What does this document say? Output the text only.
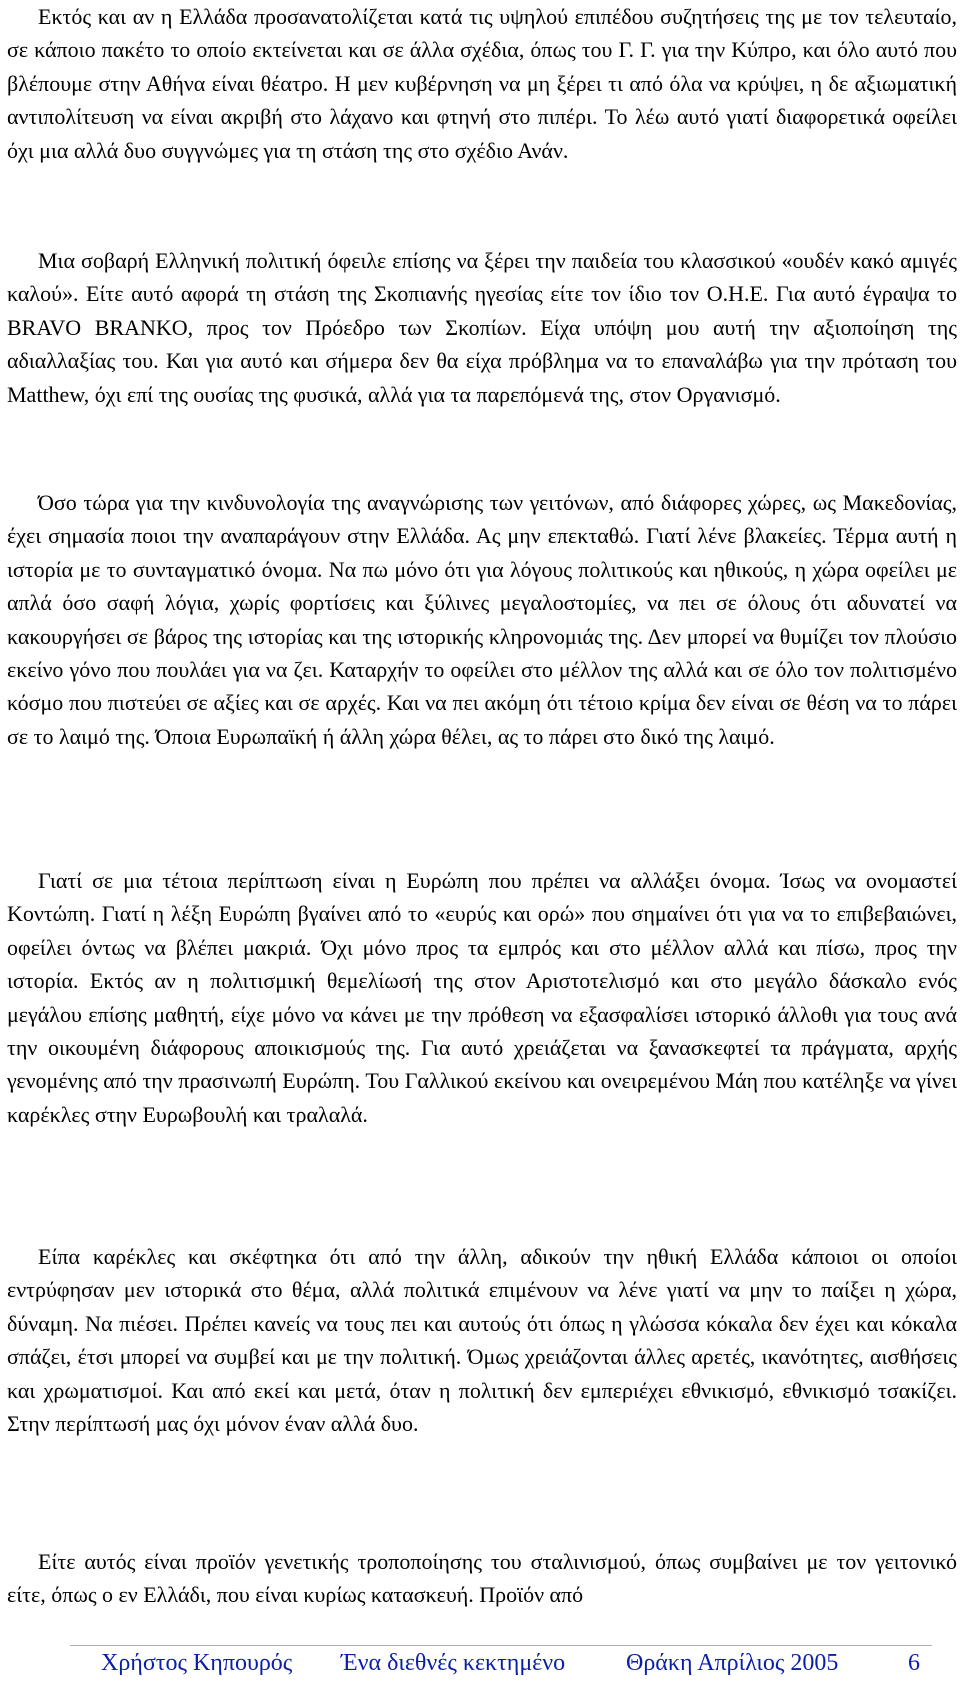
Εκτός και αν η Ελλάδα προσανατολίζεται κατά τις υψηλού επιπέδου συζητήσεις της με τον τελευταίο, σε κάποιο πακέτο το οποίο εκτείνεται και σε άλλα σχέδια, όπως του Γ. Γ. για την Κύπρο, και όλο αυτό που βλέπουμε στην Αθήνα είναι θέατρο. Η μεν κυβέρνηση να μη ξέρει τι από όλα να κρύψει, η δε αξιωματική αντιπολίτευση να είναι ακριβή στο λάχανο και φτηνή στο πιπέρι. Το λέω αυτό γιατί διαφορετικά οφείλει όχι μια αλλά δυο συγγνώμες για τη στάση της στο σχέδιο Ανάν.

Μια σοβαρή Ελληνική πολιτική όφειλε επίσης να ξέρει την παιδεία του κλασσικού «ουδέν κακό αμιγές καλού». Είτε αυτό αφορά τη στάση της Σκοπιανής ηγεσίας είτε τον ίδιο τον Ο.Η.Ε. Για αυτό έγραψα το BRAVO BRANKO, προς τον Πρόεδρο των Σκοπίων. Είχα υπόψη μου αυτή την αξιοποίηση της αδιαλλαξίας του. Και για αυτό και σήμερα δεν θα είχα πρόβλημα να το επαναλάβω για την πρόταση του Matthew, όχι επί της ουσίας της φυσικά, αλλά για τα παρεπόμενά της, στον Οργανισμό.

Όσο τώρα για την κινδυνολογία της αναγνώρισης των γειτόνων, από διάφορες χώρες, ως Μακεδονίας, έχει σημασία ποιοι την αναπαράγουν στην Ελλάδα. Ας μην επεκταθώ. Γιατί λένε βλακείες. Τέρμα αυτή η ιστορία με το συνταγματικό όνομα. Να πω μόνο ότι για λόγους πολιτικούς και ηθικούς, η χώρα οφείλει με απλά όσο σαφή λόγια, χωρίς φορτίσεις και ξύλινες μεγαλοστομίες, να πει σε όλους ότι αδυνατεί να κακουργήσει σε βάρος της ιστορίας και της ιστορικής κληρονομιάς της. Δεν μπορεί να θυμίζει τον πλούσιο εκείνο γόνο που πουλάει για να ζει. Καταρχήν το οφείλει στο μέλλον της αλλά και σε όλο τον πολιτισμένο κόσμο που πιστεύει σε αξίες και σε αρχές. Και να πει ακόμη ότι τέτοιο κρίμα δεν είναι σε θέση να το πάρει σε το λαιμό της. Όποια Ευρωπαϊκή ή άλλη χώρα θέλει, ας το πάρει στο δικό της λαιμό.

Γιατί σε μια τέτοια περίπτωση είναι η Ευρώπη που πρέπει να αλλάξει όνομα. Ίσως να ονομαστεί Κοντώπη. Γιατί η λέξη Ευρώπη βγαίνει από το «ευρύς και ορώ» που σημαίνει ότι για να το επιβεβαιώνει, οφείλει όντως να βλέπει μακριά. Όχι μόνο προς τα εμπρός και στο μέλλον αλλά και πίσω, προς την ιστορία. Εκτός αν η πολιτισμική θεμελίωσή της στον Αριστοτελισμό και στο μεγάλο δάσκαλο ενός μεγάλου επίσης μαθητή, είχε μόνο να κάνει με την πρόθεση να εξασφαλίσει ιστορικό άλλοθι για τους ανά την οικουμένη διάφορους αποικισμούς της. Για αυτό χρειάζεται να ξανασκεφτεί τα πράγματα, αρχής γενομένης από την πρασινωπή Ευρώπη. Του Γαλλικού εκείνου και ονειρεμένου Μάη που κατέληξε να γίνει καρέκλες στην Ευρωβουλή και τραλαλά.

Είπα καρέκλες και σκέφτηκα ότι από την άλλη, αδικούν την ηθική Ελλάδα κάποιοι οι οποίοι εντρύφησαν μεν ιστορικά στο θέμα, αλλά πολιτικά επιμένουν να λένε γιατί να μην το παίξει η χώρα, δύναμη. Να πιέσει. Πρέπει κανείς να τους πει και αυτούς ότι όπως η γλώσσα κόκαλα δεν έχει και κόκαλα σπάζει, έτσι μπορεί να συμβεί και με την πολιτική. Όμως χρειάζονται άλλες αρετές, ικανότητες, αισθήσεις και χρωματισμοί. Και από εκεί και μετά, όταν η πολιτική δεν εμπεριέχει εθνικισμό, εθνικισμό τσακίζει. Στην περίπτωσή μας όχι μόνον έναν αλλά δυο.

Είτε αυτός είναι προϊόν γενετικής τροποποίησης του σταλινισμού, όπως συμβαίνει με τον γειτονικό είτε, όπως ο εν Ελλάδι, που είναι κυρίως κατασκευή. Προϊόν από

Χρήστος Κηπουρός Ένα διεθνές κεκτημένο	Θράκη Απρίλιος 2005	6
